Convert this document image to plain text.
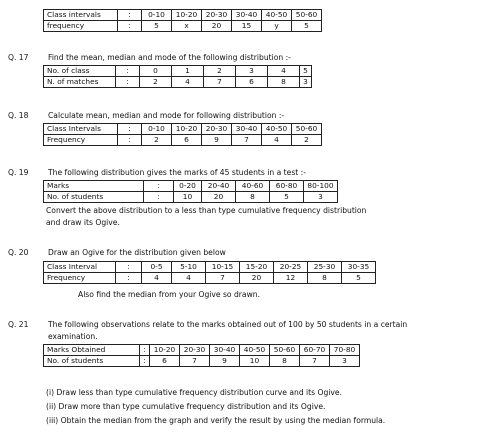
Class intervals	:	0-10	10-20	20-30	30-40	40-50	50-60
frequency	:	5	x	20	15	y	5
Q. 17	Find the mean, median and mode of the following distribution :-
No. of class	:	0	1	2	3	4	5
N. of matches	:	2	4	7	6	8	3
Q. 18	Calculate mean, median and mode for following distribution :-
Class Intervals	:	0-10	10-20	20-30	30-40	40-50	50-60
Frequency	:	2	6	9	7	4	2
Q. 19	The following distribution gives the marks of 45 students in a test :-
Marks	:	0-20	20-40	40-60	60-80	80-100
No. of students	:	10	20	8	5	3
Convert the above distribution to a less than type cumulative frequency distribution
and draw its Ogive.
Q. 20	Draw an Ogive for the distribution given below
Class Interval	:	0-5	5-10	10-15	15-20	20-25	25-30	30-35
Frequency	:	4	4	7	20	12	8	5
Also find the median from your Ogive so drawn.
Q. 21	The following observations relate to the marks obtained out of 100 by 50 students in a certain
examination.
Marks Obtained	:	10-20	20-30	30-40	40-50	50-60	60-70	70-80
No. of students	:	6	7	9	10	8	7	3
(i) Draw less than type cumulative frequency distribution curve and its Ogive.
(ii) Draw more than type cumulative frequency distribution and its Ogive.
(iii) Obtain the median from the graph and verify the result by using the median formula.
